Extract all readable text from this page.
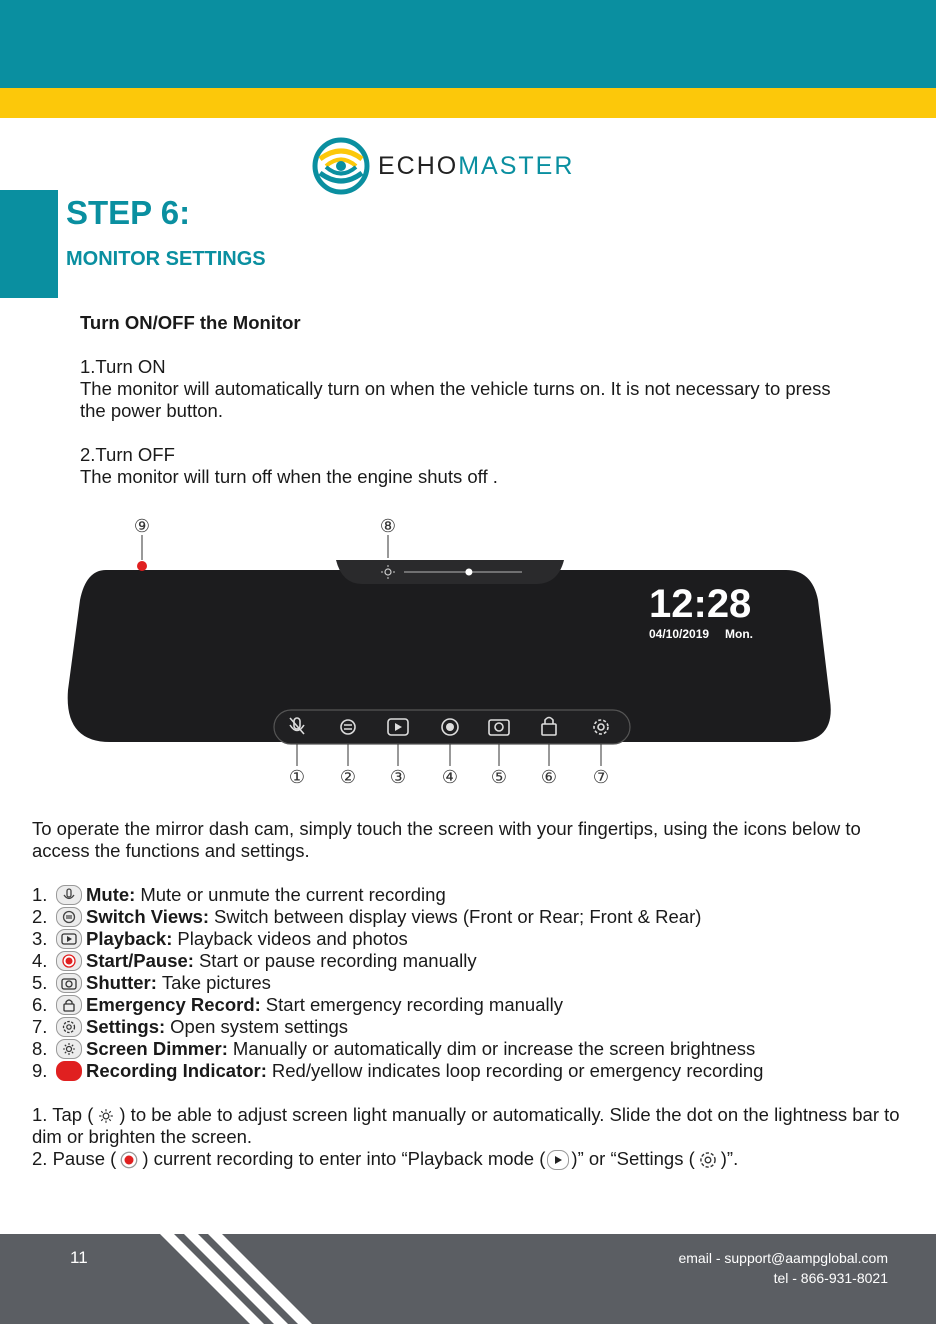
ECHOMASTER
STEP 6:
MONITOR SETTINGS

Turn ON/OFF the Monitor

1.Turn ON

The monitor will automatically turn on when the vehicle turns on. It is not necessary to press the power button.

2.Turn OFF

The monitor will turn off when the engine shuts off .

12:28
04/10/2019 Mon.
⑨	⑧
① ② ③ ④ ⑤ ⑥ ⑦

To operate the mirror dash cam, simply touch the screen with your fingertips, using the icons below to access the functions and settings.

1.	Mute: Mute or unmute the current recording
2.	Switch Views: Switch between display views (Front or Rear; Front & Rear)
3.	Playback: Playback videos and photos
4.	Start/Pause: Start or pause recording manually
5.	Shutter: Take pictures
6.	Emergency Record: Start emergency recording manually
7.	Settings: Open system settings
8.	Screen Dimmer: Manually or automatically dim or increase the screen brightness
9.	Recording Indicator: Red/yellow indicates loop recording or emergency recording

1. Tap ( ) to be able to adjust screen light manually or automatically. Slide the dot on the lightness bar to dim or brighten the screen.

2. Pause ( ) current recording to enter into “Playback mode ( )” or “Settings ( )”.

11	email - support@aampglobal.com
tel - 866-931-8021
